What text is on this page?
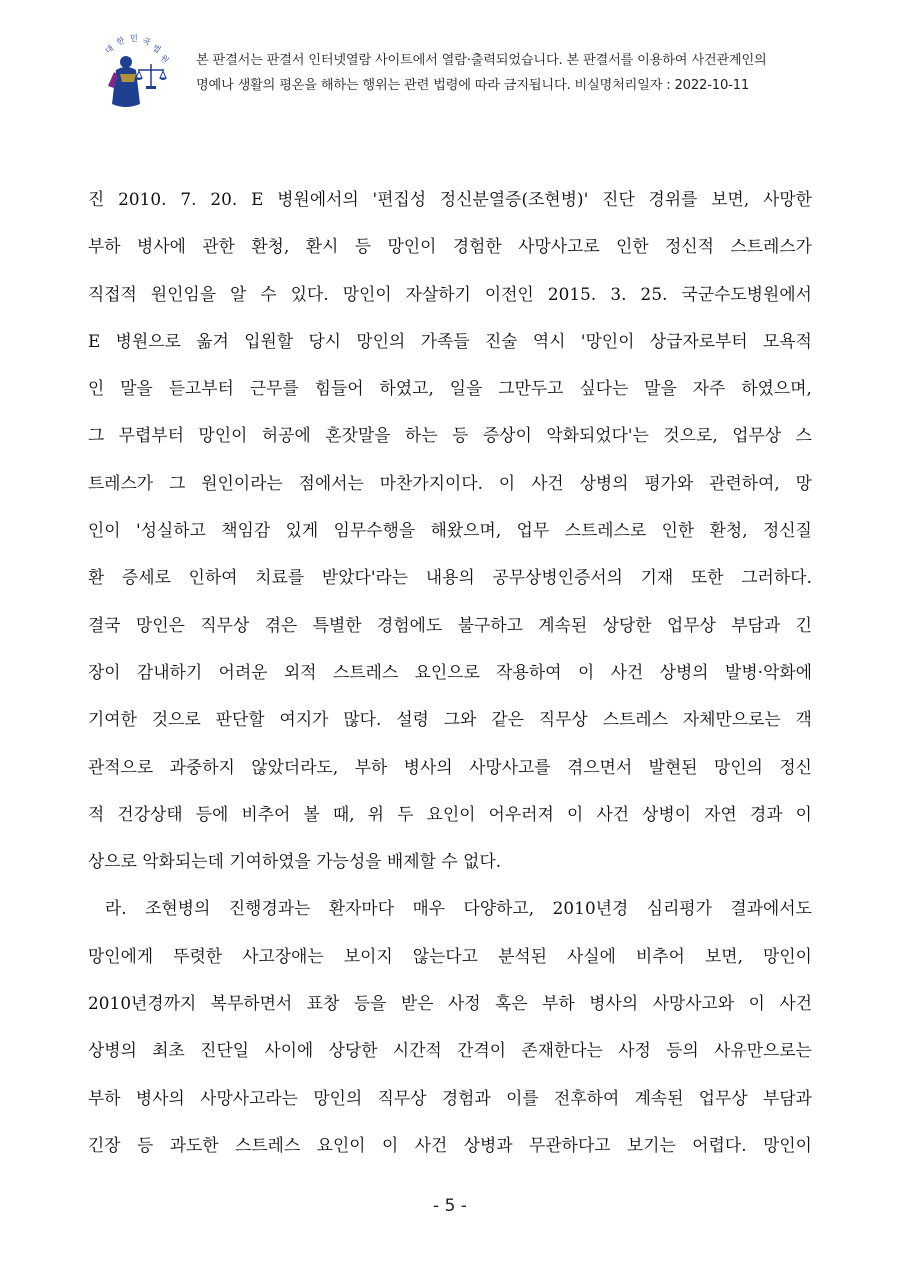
대
한 민 국
법
원 본 판결서는 판결서 인터넷열람 사이트에서 열람·출력되었습니다. 본 판결서를 이용하여 사건관계인의
명예나 생활의 평온을 해하는 행위는 관련 법령에 따라 금지됩니다. 비실명처리일자 : 2022-10-11
진 2010. 7. 20. E 병원에서의 '편집성 정신분열증(조현병)' 진단 경위를 보면, 사망한
부하 병사에 관한 환청, 환시 등 망인이 경험한 사망사고로 인한 정신적 스트레스가
직접적 원인임을 알 수 있다. 망인이 자살하기 이전인 2015. 3. 25. 국군수도병원에서
E 병원으로 옮겨 입원할 당시 망인의 가족들 진술 역시 '망인이 상급자로부터 모욕적
인 말을 듣고부터 근무를 힘들어 하였고, 일을 그만두고 싶다는 말을 자주 하였으며,
그 무렵부터 망인이 허공에 혼잣말을 하는 등 증상이 악화되었다'는 것으로, 업무상 스
트레스가 그 원인이라는 점에서는 마찬가지이다. 이 사건 상병의 평가와 관련하여, 망
인이 '성실하고 책임감 있게 임무수행을 해왔으며, 업무 스트레스로 인한 환청, 정신질
환 증세로 인하여 치료를 받았다'라는 내용의 공무상병인증서의 기재 또한 그러하다.
결국 망인은 직무상 겪은 특별한 경험에도 불구하고 계속된 상당한 업무상 부담과 긴
장이 감내하기 어려운 외적 스트레스 요인으로 작용하여 이 사건 상병의 발병·악화에
기여한 것으로 판단할 여지가 많다. 설령 그와 같은 직무상 스트레스 자체만으로는 객
관적으로 과중하지 않았더라도, 부하 병사의 사망사고를 겪으면서 발현된 망인의 정신
적 건강상태 등에 비추어 볼 때, 위 두 요인이 어우러져 이 사건 상병이 자연 경과 이
상으로 악화되는데 기여하였을 가능성을 배제할 수 없다.
라. 조현병의 진행경과는 환자마다 매우 다양하고, 2010년경 심리평가 결과에서도
망인에게 뚜렷한 사고장애는 보이지 않는다고 분석된 사실에 비추어 보면, 망인이
2010년경까지 복무하면서 표창 등을 받은 사정 혹은 부하 병사의 사망사고와 이 사건
상병의 최초 진단일 사이에 상당한 시간적 간격이 존재한다는 사정 등의 사유만으로는
부하 병사의 사망사고라는 망인의 직무상 경험과 이를 전후하여 계속된 업무상 부담과
긴장 등 과도한 스트레스 요인이 이 사건 상병과 무관하다고 보기는 어렵다. 망인이
- 5 -
